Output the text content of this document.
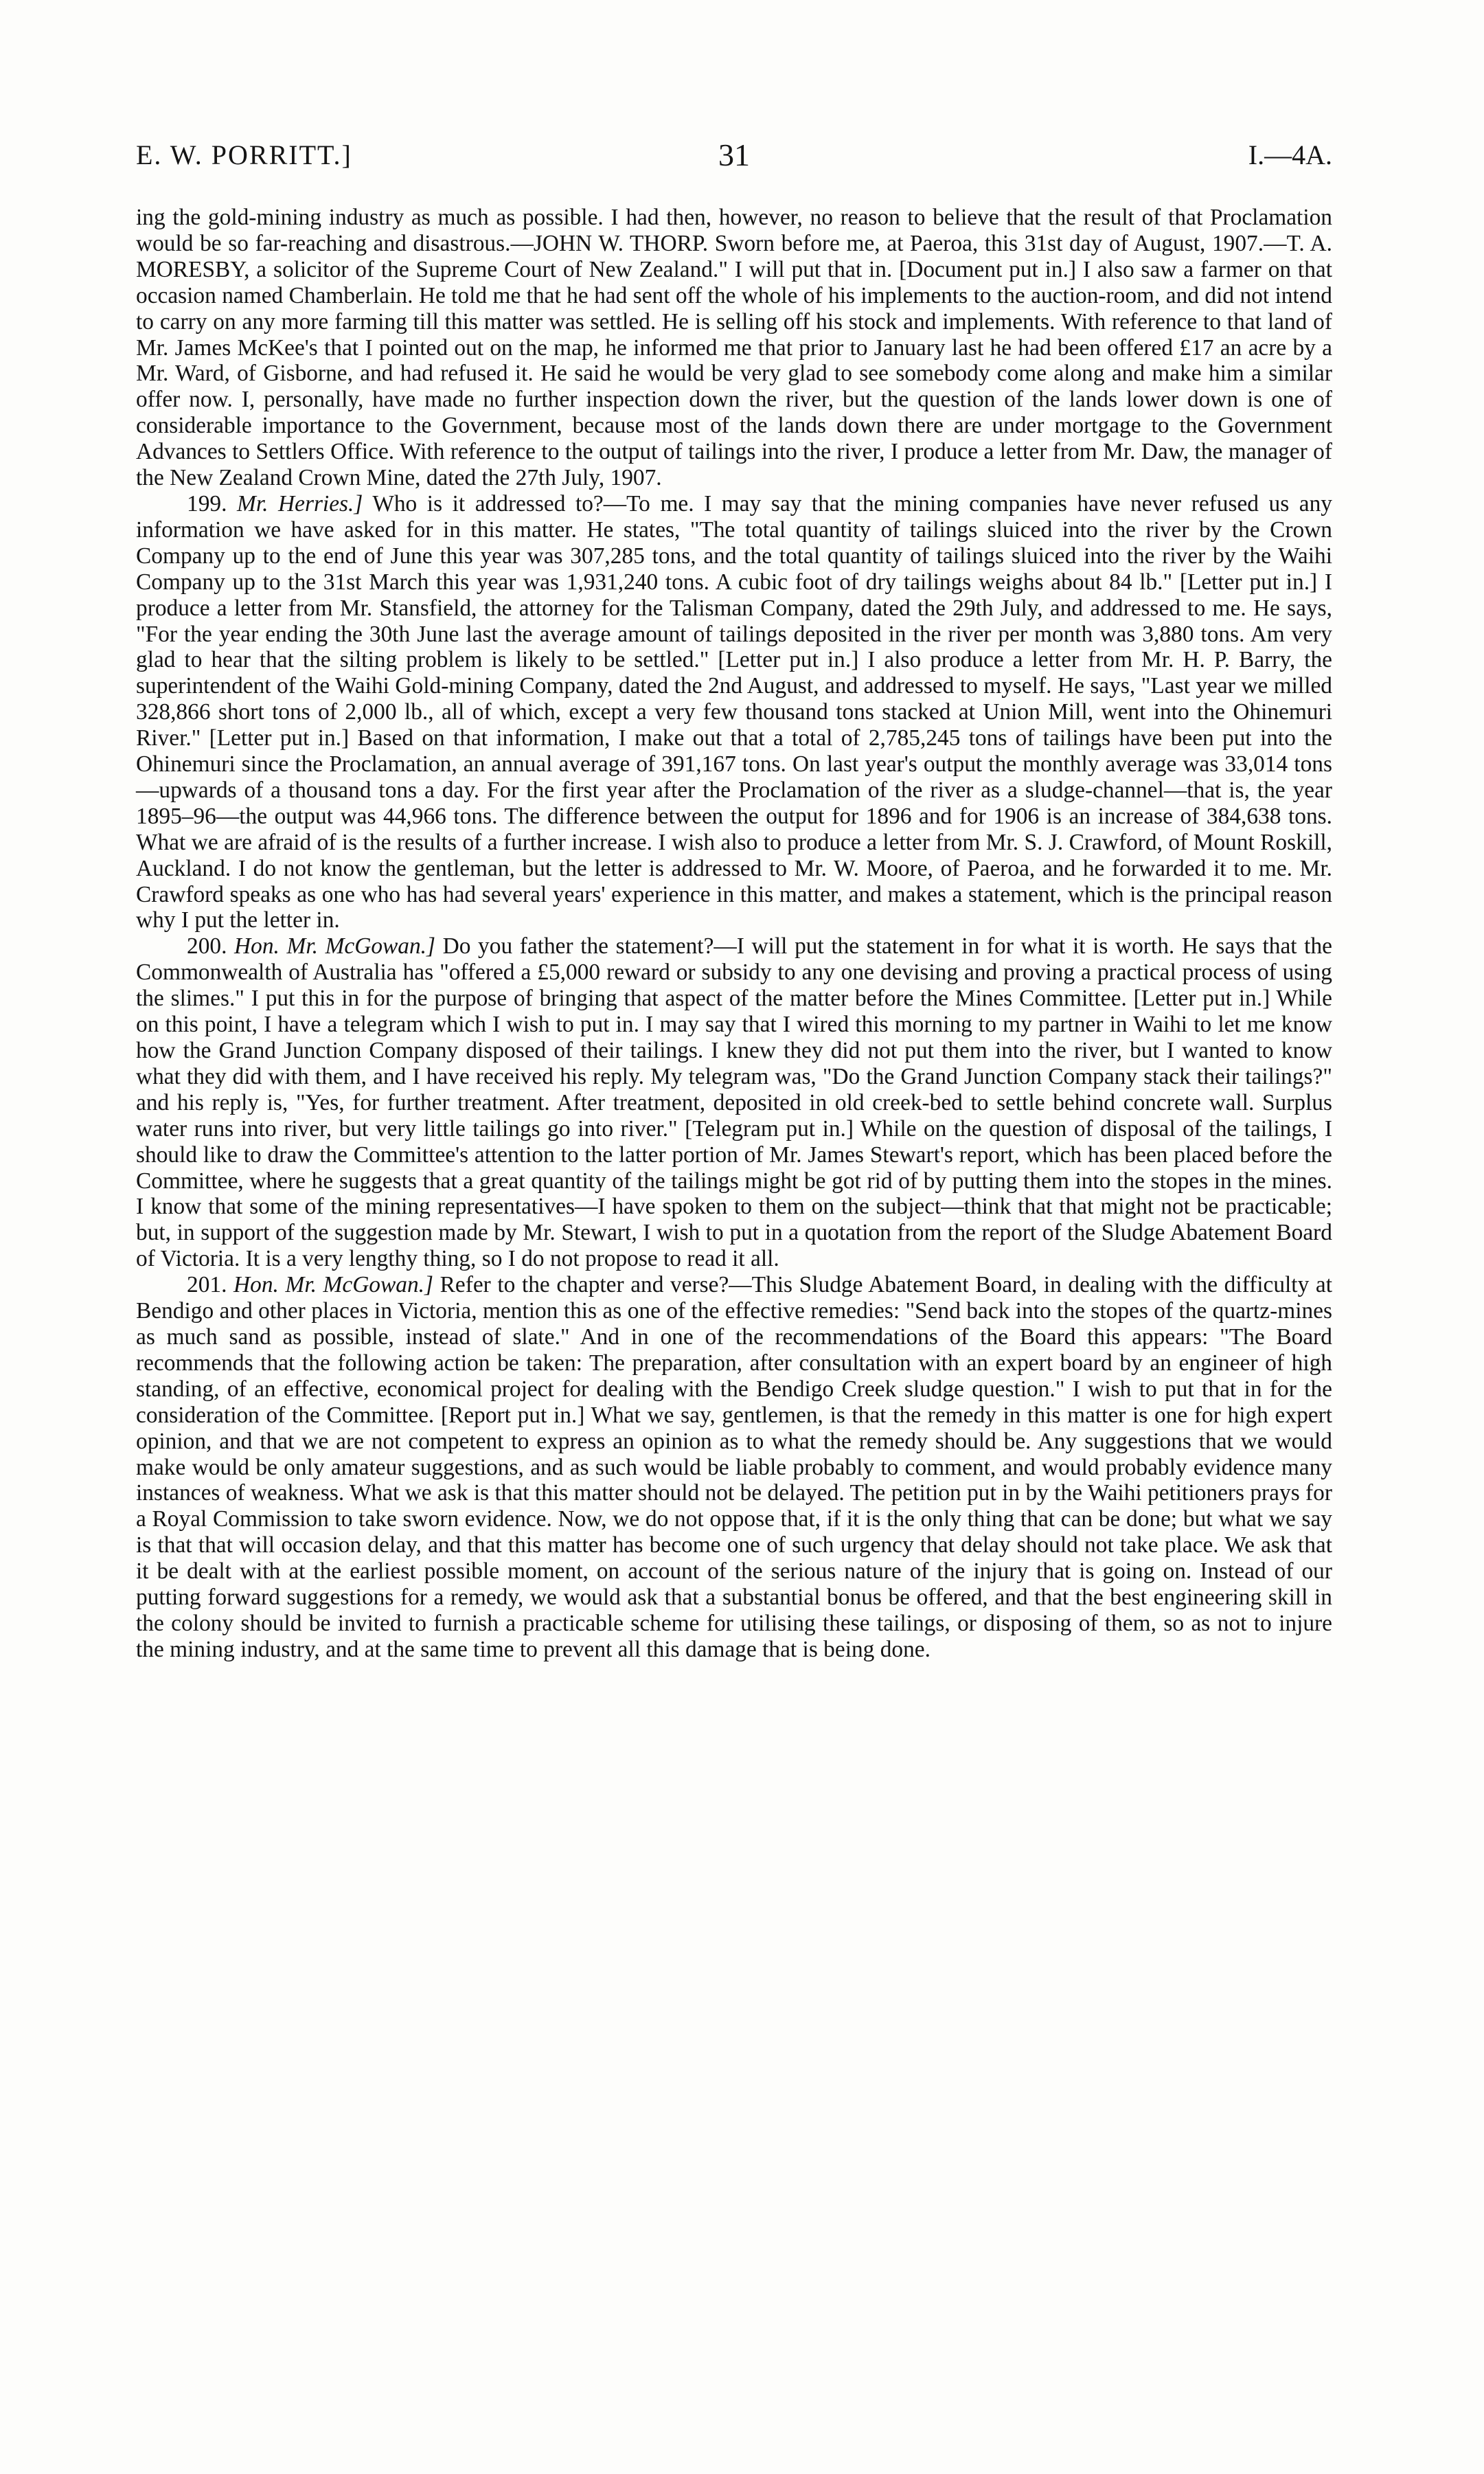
E. W. PORRITT.]	31	I.—4A.

ing the gold-mining industry as much as possible. I had then, however, no reason to believe that the result of that Proclamation would be so far-reaching and disastrous.—JOHN W. THORP. Sworn before me, at Paeroa, this 31st day of August, 1907.—T. A. MORESBY, a solicitor of the Supreme Court of New Zealand." I will put that in. [Document put in.] I also saw a farmer on that occasion named Chamberlain. He told me that he had sent off the whole of his implements to the auction-room, and did not intend to carry on any more farming till this matter was settled. He is selling off his stock and implements. With reference to that land of Mr. James McKee's that I pointed out on the map, he informed me that prior to January last he had been offered £17 an acre by a Mr. Ward, of Gisborne, and had refused it. He said he would be very glad to see somebody come along and make him a similar offer now. I, personally, have made no further inspection down the river, but the question of the lands lower down is one of considerable importance to the Government, because most of the lands down there are under mortgage to the Government Advances to Settlers Office. With reference to the output of tailings into the river, I produce a letter from Mr. Daw, the manager of the New Zealand Crown Mine, dated the 27th July, 1907.

199. Mr. Herries.] Who is it addressed to?—To me. I may say that the mining companies have never refused us any information we have asked for in this matter. He states, "The total quantity of tailings sluiced into the river by the Crown Company up to the end of June this year was 307,285 tons, and the total quantity of tailings sluiced into the river by the Waihi Company up to the 31st March this year was 1,931,240 tons. A cubic foot of dry tailings weighs about 84 lb." [Letter put in.] I produce a letter from Mr. Stansfield, the attorney for the Talisman Company, dated the 29th July, and addressed to me. He says, "For the year ending the 30th June last the average amount of tailings deposited in the river per month was 3,880 tons. Am very glad to hear that the silting problem is likely to be settled." [Letter put in.] I also produce a letter from Mr. H. P. Barry, the superintendent of the Waihi Gold-mining Company, dated the 2nd August, and addressed to myself. He says, "Last year we milled 328,866 short tons of 2,000 lb., all of which, except a very few thousand tons stacked at Union Mill, went into the Ohinemuri River." [Letter put in.] Based on that information, I make out that a total of 2,785,245 tons of tailings have been put into the Ohinemuri since the Proclamation, an annual average of 391,167 tons. On last year's output the monthly average was 33,014 tons—upwards of a thousand tons a day. For the first year after the Proclamation of the river as a sludge-channel—that is, the year 1895–96—the output was 44,966 tons. The difference between the output for 1896 and for 1906 is an increase of 384,638 tons. What we are afraid of is the results of a further increase. I wish also to produce a letter from Mr. S. J. Crawford, of Mount Roskill, Auckland. I do not know the gentleman, but the letter is addressed to Mr. W. Moore, of Paeroa, and he forwarded it to me. Mr. Crawford speaks as one who has had several years' experience in this matter, and makes a statement, which is the principal reason why I put the letter in.

200. Hon. Mr. McGowan.] Do you father the statement?—I will put the statement in for what it is worth. He says that the Commonwealth of Australia has "offered a £5,000 reward or subsidy to any one devising and proving a practical process of using the slimes." I put this in for the purpose of bringing that aspect of the matter before the Mines Committee. [Letter put in.] While on this point, I have a telegram which I wish to put in. I may say that I wired this morning to my partner in Waihi to let me know how the Grand Junction Company disposed of their tailings. I knew they did not put them into the river, but I wanted to know what they did with them, and I have received his reply. My telegram was, "Do the Grand Junction Company stack their tailings?" and his reply is, "Yes, for further treatment. After treatment, deposited in old creek-bed to settle behind concrete wall. Surplus water runs into river, but very little tailings go into river." [Telegram put in.] While on the question of disposal of the tailings, I should like to draw the Committee's attention to the latter portion of Mr. James Stewart's report, which has been placed before the Committee, where he suggests that a great quantity of the tailings might be got rid of by putting them into the stopes in the mines. I know that some of the mining representatives—I have spoken to them on the subject—think that that might not be practicable; but, in support of the suggestion made by Mr. Stewart, I wish to put in a quotation from the report of the Sludge Abatement Board of Victoria. It is a very lengthy thing, so I do not propose to read it all.

201. Hon. Mr. McGowan.] Refer to the chapter and verse?—This Sludge Abatement Board, in dealing with the difficulty at Bendigo and other places in Victoria, mention this as one of the effective remedies: "Send back into the stopes of the quartz-mines as much sand as possible, instead of slate." And in one of the recommendations of the Board this appears: "The Board recommends that the following action be taken: The preparation, after consultation with an expert board by an engineer of high standing, of an effective, economical project for dealing with the Bendigo Creek sludge question." I wish to put that in for the consideration of the Committee. [Report put in.] What we say, gentlemen, is that the remedy in this matter is one for high expert opinion, and that we are not competent to express an opinion as to what the remedy should be. Any suggestions that we would make would be only amateur suggestions, and as such would be liable probably to comment, and would probably evidence many instances of weakness. What we ask is that this matter should not be delayed. The petition put in by the Waihi petitioners prays for a Royal Commission to take sworn evidence. Now, we do not oppose that, if it is the only thing that can be done; but what we say is that that will occasion delay, and that this matter has become one of such urgency that delay should not take place. We ask that it be dealt with at the earliest possible moment, on account of the serious nature of the injury that is going on. Instead of our putting forward suggestions for a remedy, we would ask that a substantial bonus be offered, and that the best engineering skill in the colony should be invited to furnish a practicable scheme for utilising these tailings, or disposing of them, so as not to injure the mining industry, and at the same time to prevent all this damage that is being done.
